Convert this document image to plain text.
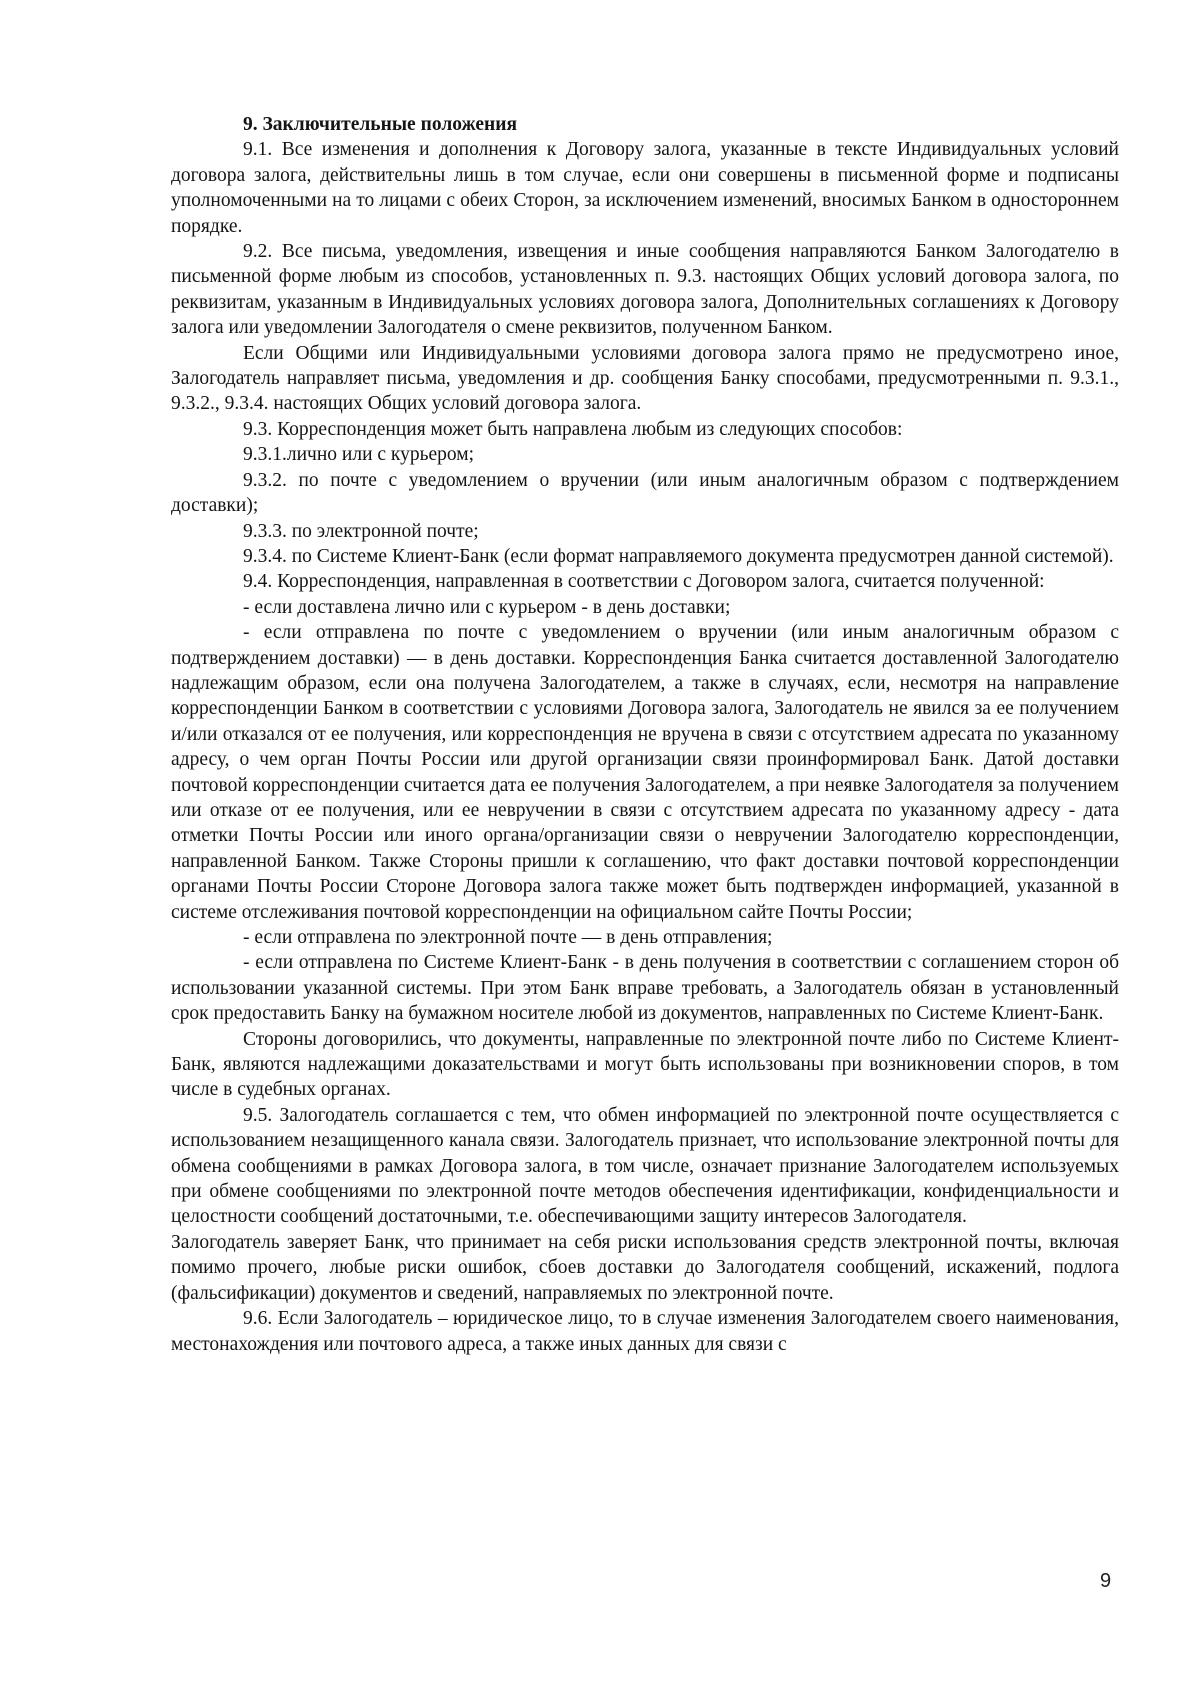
9. Заключительные положения

9.1. Все изменения и дополнения к Договору залога, указанные в тексте Индивидуальных условий договора залога, действительны лишь в том случае, если они совершены в письменной форме и подписаны уполномоченными на то лицами с обеих Сторон, за исключением изменений, вносимых Банком в одностороннем порядке.

9.2. Все письма, уведомления, извещения и иные сообщения направляются Банком Залогодателю в письменной форме любым из способов, установленных п. 9.3. настоящих Общих условий договора залога, по реквизитам, указанным в Индивидуальных условиях договора залога, Дополнительных соглашениях к Договору залога или уведомлении Залогодателя о смене реквизитов, полученном Банком.

Если Общими или Индивидуальными условиями договора залога прямо не предусмотрено иное, Залогодатель направляет письма, уведомления и др. сообщения Банку способами, предусмотренными п. 9.3.1., 9.3.2., 9.3.4. настоящих Общих условий договора залога.

9.3. Корреспонденция может быть направлена любым из следующих способов:

9.3.1.лично или с курьером;

9.3.2. по почте с уведомлением о вручении (или иным аналогичным образом с подтверждением доставки);

9.3.3. по электронной почте;

9.3.4. по Системе Клиент-Банк (если формат направляемого документа предусмотрен данной системой).

9.4. Корреспонденция, направленная в соответствии с Договором залога, считается полученной:

- если доставлена лично или с курьером - в день доставки;

- если отправлена по почте с уведомлением о вручении (или иным аналогичным образом с подтверждением доставки) — в день доставки. Корреспонденция Банка считается доставленной Залогодателю надлежащим образом, если она получена Залогодателем, а также в случаях, если, несмотря на направление корреспонденции Банком в соответствии с условиями Договора залога, Залогодатель не явился за ее получением и/или отказался от ее получения, или корреспонденция не вручена в связи с отсутствием адресата по указанному адресу, о чем орган Почты России или другой организации связи проинформировал Банк. Датой доставки почтовой корреспонденции считается дата ее получения Залогодателем, а при неявке Залогодателя за получением или отказе от ее получения, или ее невручении в связи с отсутствием адресата по указанному адресу - дата отметки Почты России или иного органа/организации связи о невручении Залогодателю корреспонденции, направленной Банком. Также Стороны пришли к соглашению, что факт доставки почтовой корреспонденции органами Почты России Стороне Договора залога также может быть подтвержден информацией, указанной в системе отслеживания почтовой корреспонденции на официальном сайте Почты России;

- если отправлена по электронной почте — в день отправления;

- если отправлена по Системе Клиент-Банк - в день получения в соответствии с соглашением сторон об использовании указанной системы. При этом Банк вправе требовать, а Залогодатель обязан в установленный срок предоставить Банку на бумажном носителе любой из документов, направленных по Системе Клиент-Банк.

Стороны договорились, что документы, направленные по электронной почте либо по Системе Клиент-Банк, являются надлежащими доказательствами и могут быть использованы при возникновении споров, в том числе в судебных органах.

9.5. Залогодатель соглашается с тем, что обмен информацией по электронной почте осуществляется с использованием незащищенного канала связи. Залогодатель признает, что использование электронной почты для обмена сообщениями в рамках Договора залога, в том числе, означает признание Залогодателем используемых при обмене сообщениями по электронной почте методов обеспечения идентификации, конфиденциальности и целостности сообщений достаточными, т.е. обеспечивающими защиту интересов Залогодателя.

Залогодатель заверяет Банк, что принимает на себя риски использования средств электронной почты, включая помимо прочего, любые риски ошибок, сбоев доставки до Залогодателя сообщений, искажений, подлога (фальсификации) документов и сведений, направляемых по электронной почте.

9.6. Если Залогодатель – юридическое лицо, то в случае изменения Залогодателем своего наименования, местонахождения или почтового адреса, а также иных данных для связи с

9
